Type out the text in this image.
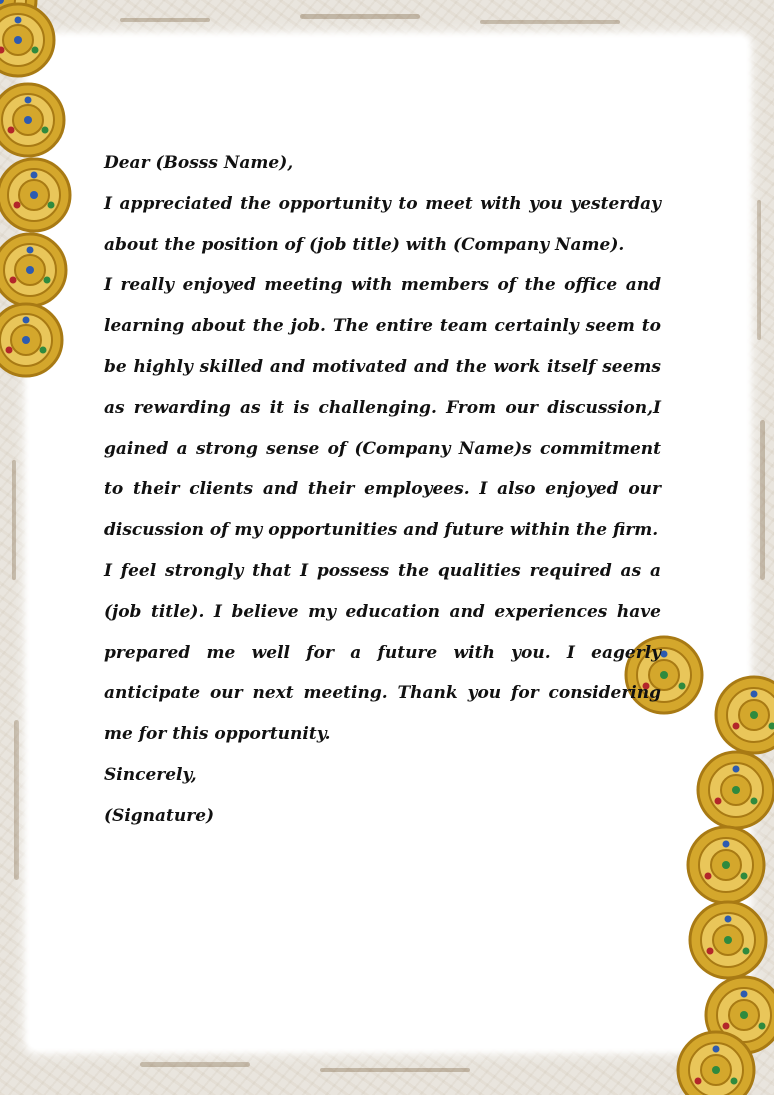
Dear (Bosss Name),

I appreciated the opportunity to meet with you yesterday about the position of (job title) with (Company Name).

I really enjoyed meeting with members of the office and learning about the job. The entire team certainly seem to be highly skilled and motivated and the work itself seems as rewarding as it is challenging. From our discussion,I gained a strong sense of (Company Name)s commitment to their clients and their employees. I also enjoyed our discussion of my opportunities and future within the firm.

I feel strongly that I possess the qualities required as a (job title). I believe my education and experiences have prepared me well for a future with you. I eagerly anticipate our next meeting. Thank you for considering me for this opportunity.

Sincerely,

(Signature)
